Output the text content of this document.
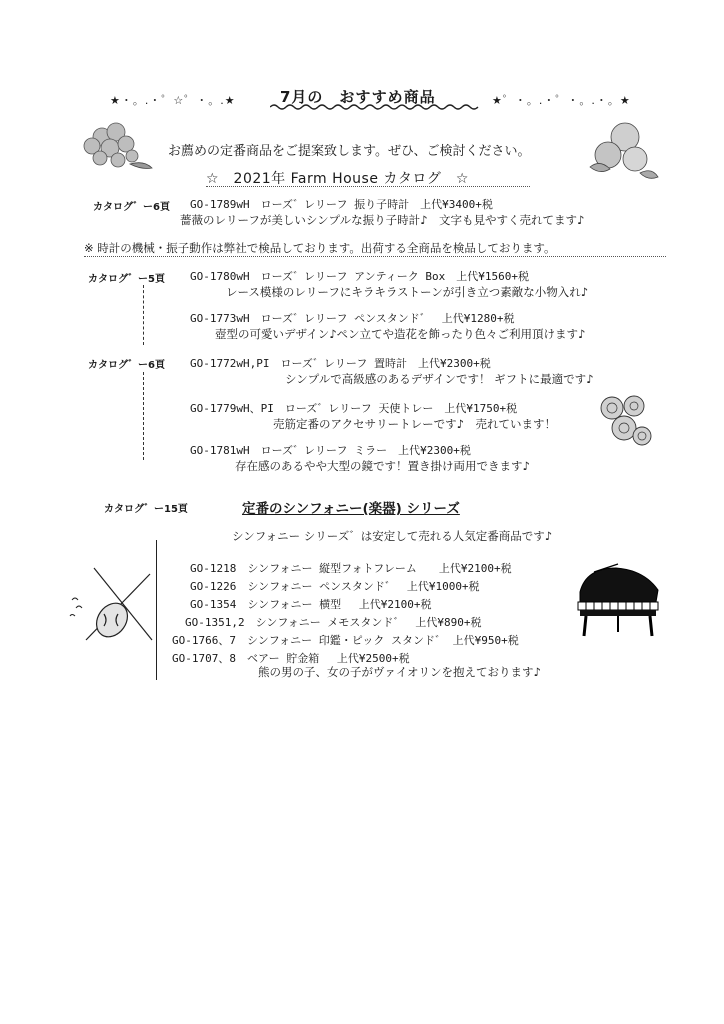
★・。.・゜☆゜・。.★	7月の　おすすめ商品	★゜・。.・゜・。.・。★
お薦めの定番商品をご提案致します。ぜひ、ご検討ください。
☆　2021年 Farm House カタログ　☆
カタログ゛ー6頁 GO-1789wH　ローズ゛レリーフ 振り子時計　上代¥3400+税
薔薇のレリーフが美しいシンプルな振り子時計♪　文字も見やすく売れてます♪
※ 時計の機械・振子動作は弊社で検品しております。出荷する全商品を検品しております。
カタログ゛ー5頁 GO-1780wH　ローズ゛レリーフ アンティーク Box　上代¥1560+税
レース模様のレリーフにキラキラストーンが引き立つ素敵な小物入れ♪
GO-1773wH　ローズ゛レリーフ ペンスタンド゛　上代¥1280+税
壺型の可愛いデザイン♪ペン立てや造花を飾ったり色々ご利用頂けます♪
カタログ゛ー6頁 GO-1772wH,PI　ローズ゛レリーフ 置時計　上代¥2300+税
シンプルで高級感のあるデザインです！ ギフトに最適です♪
GO-1779wH、PI　ローズ゛レリーフ 天使トレー　上代¥1750+税
売筋定番のアクセサリートレーです♪　売れています！
GO-1781wH　ローズ゛レリーフ ミラー　上代¥2300+税
存在感のあるやや大型の鏡です！置き掛け両用できます♪
カタログ゛ー15頁	定番のシンフォニー(楽器) シリーズ
シンフォニー シリーズ゛は安定して売れる人気定番商品です♪
GO-1218　シンフォニー 縦型フォトフレーム　　上代¥2100+税
GO-1226　シンフォニー ペンスタンド゛　上代¥1000+税
GO-1354　シンフォニー 横型　 上代¥2100+税
GO-1351,2　シンフォニー メモスタンド゛　上代¥890+税
GO-1766、7　シンフォニー 印鑑・ピック スタンド゛ 上代¥950+税
GO-1707、8　ベアー 貯金箱　 上代¥2500+税
熊の男の子、女の子がヴァイオリンを抱えております♪
